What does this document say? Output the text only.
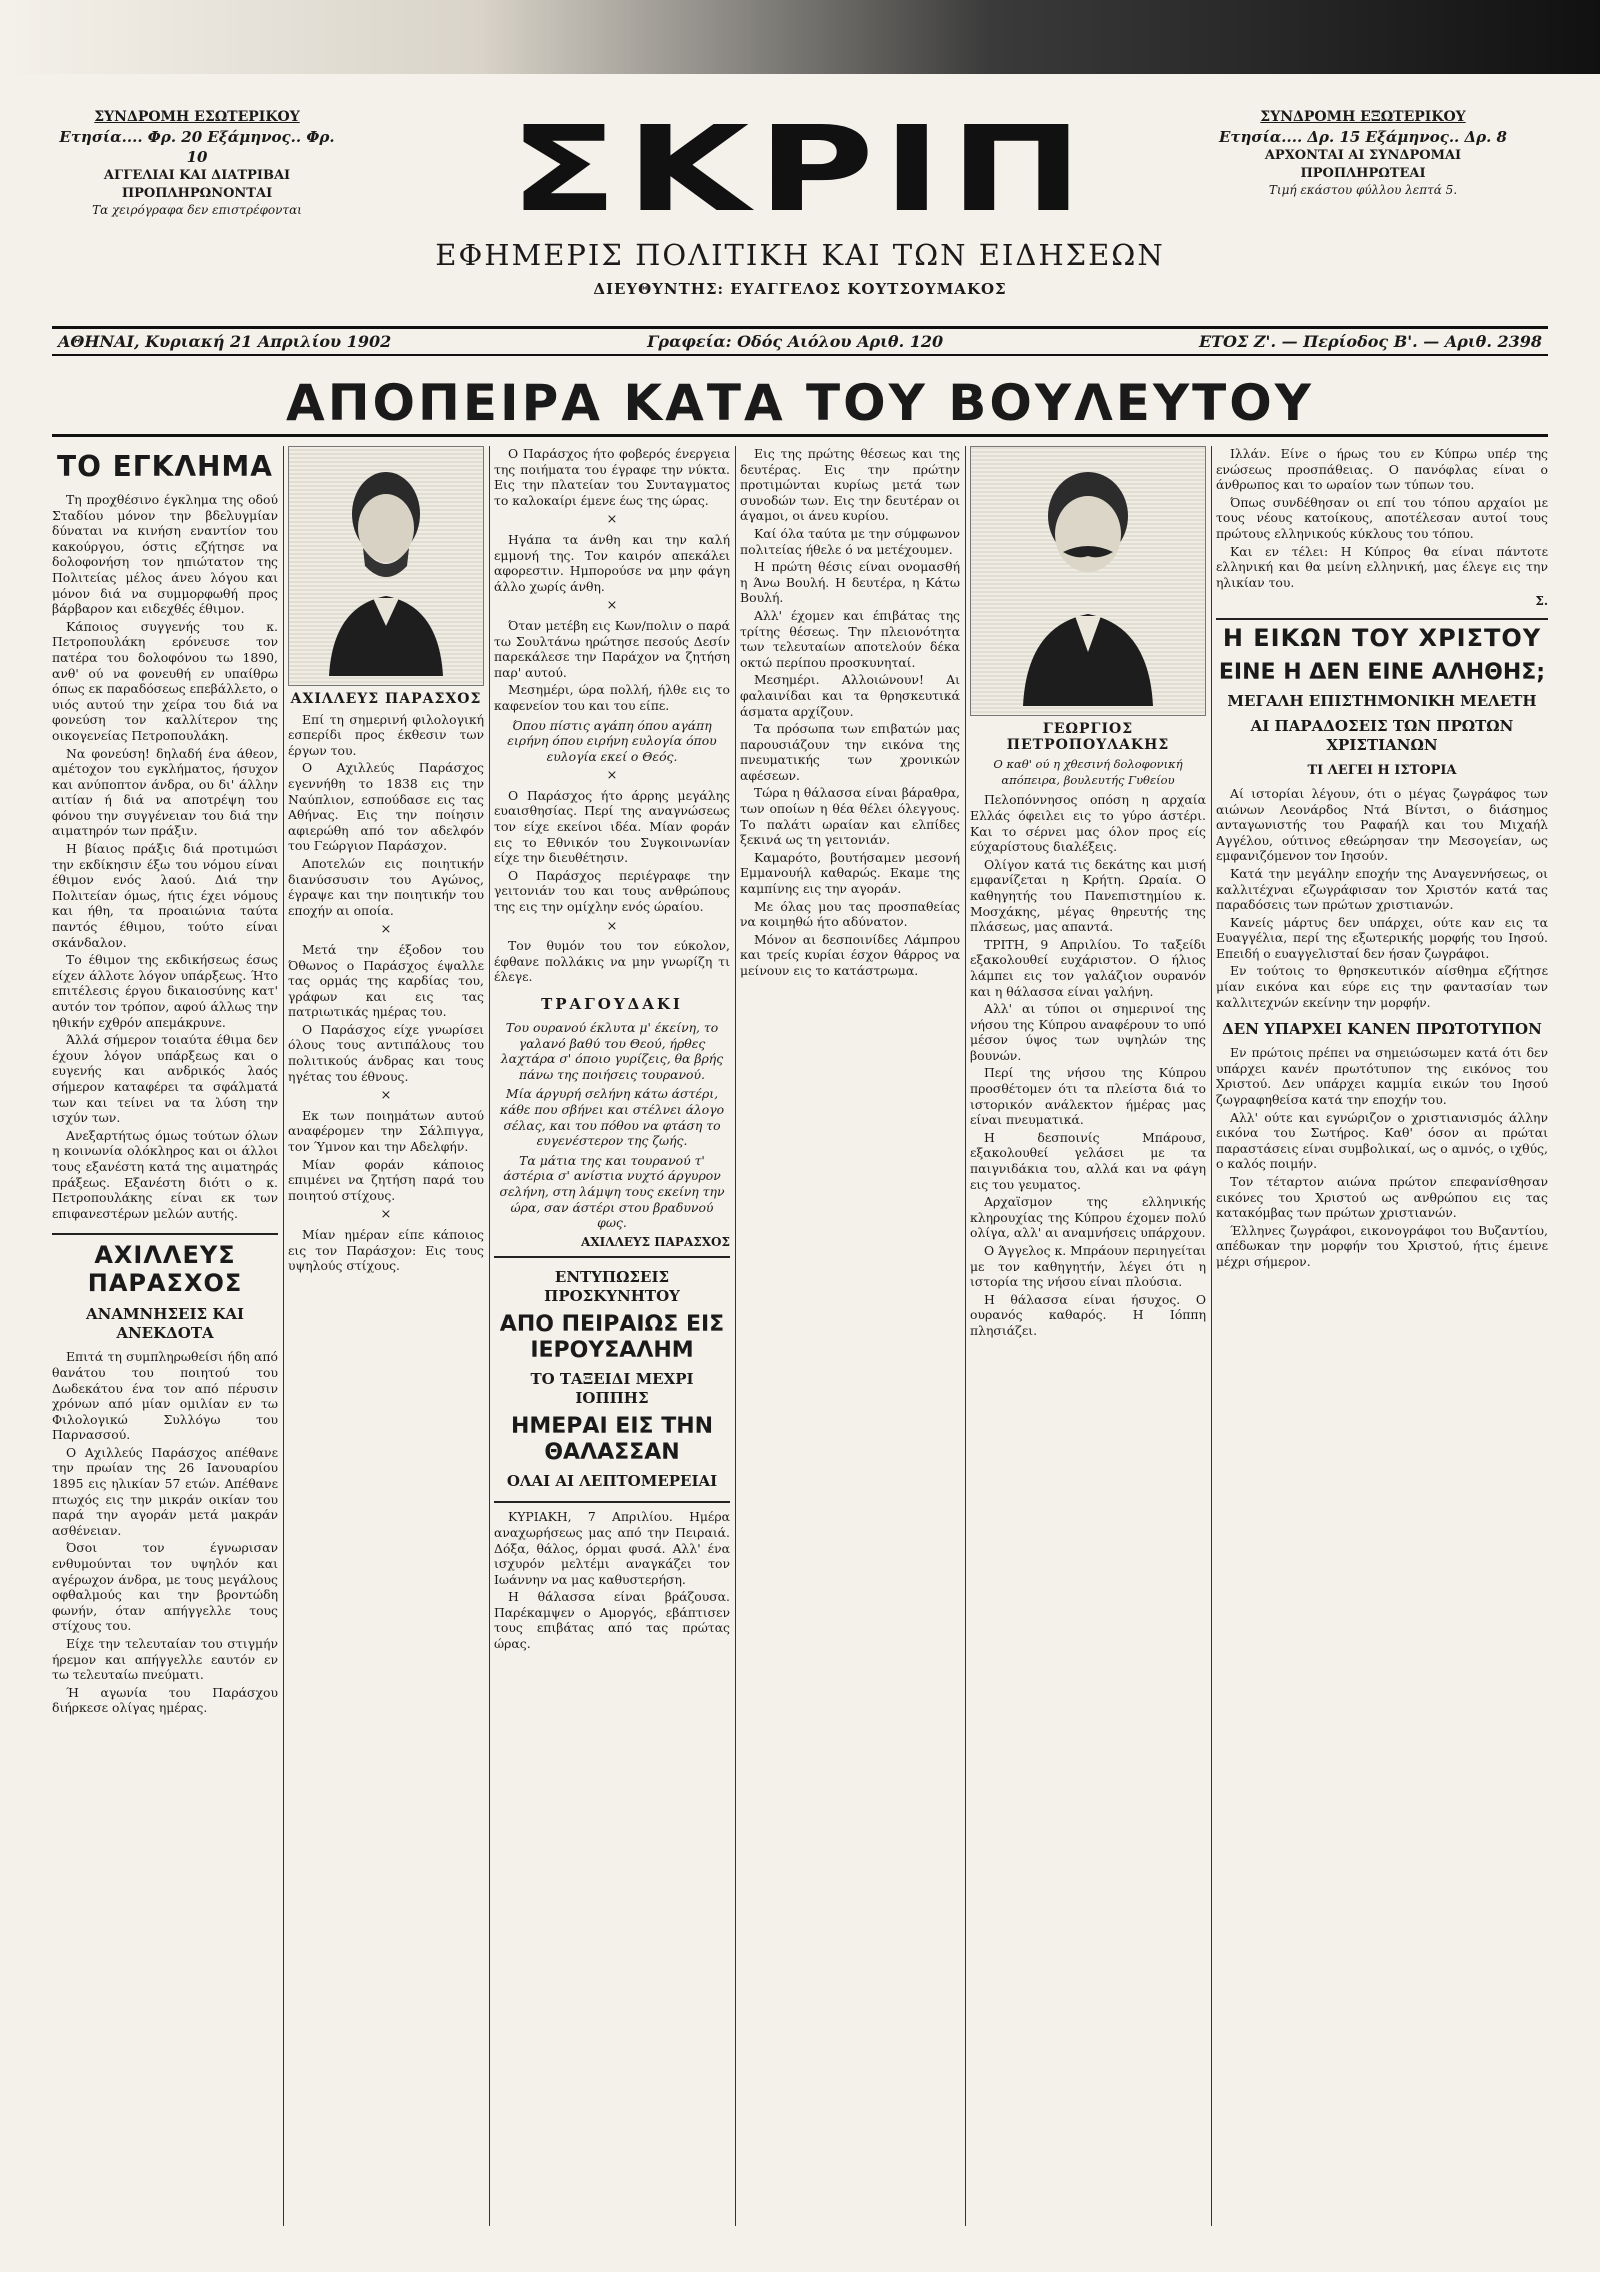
ΣΥΝΔΡΟΜΗ ΕΣΩΤΕΡΙΚΟΥ
Ετησία.... Φρ. 20 Εξάμηνος.. Φρ. 10
ΑΓΓΕΛΙΑΙ ΚΑΙ ΔΙΑΤΡΙΒΑΙ
ΠΡΟΠΛΗΡΩΝΟΝΤΑΙ
Τα χειρόγραφα δεν επιστρέφονται	ΣΚΡΙΠ
ΕΦΗΜΕΡΙΣ ΠΟΛΙΤΙΚΗ ΚΑΙ ΤΩΝ ΕΙΔΗΣΕΩΝ
ΔΙΕΥΘΥΝΤΗΣ: ΕΥΑΓΓΕΛΟΣ ΚΟΥΤΣΟΥΜΑΚΟΣ
ΣΥΝΔΡΟΜΗ ΕΞΩΤΕΡΙΚΟΥ
Ετησία.... Δρ. 15 Εξάμηνος.. Δρ. 8
ΑΡΧΟΝΤΑΙ ΑΙ ΣΥΝΔΡΟΜΑΙ
ΠΡΟΠΛΗΡΩΤΕΑΙ
Τιμή εκάστου φύλλου λεπτά 5.
ΑΘΗΝΑΙ, Κυριακή 21 Απριλίου 1902	Γραφεία: Οδός Αιόλου Αριθ. 120	ΕΤΟΣ Ζ'. — Περίοδος Β'. — Αριθ. 2398
ΑΠΟΠΕΙΡΑ ΚΑΤΑ ΤΟΥ ΒΟΥΛΕΥΤΟΥ
ΤΟ ΕΓΚΛΗΜΑ

Τη προχθέσινο έγκλημα της οδού Σταδίου μόνον την βδελυγμίαν δύναται να κινήση εναντίον του κακούργου, όστις εζήτησε να δολοφονήση τον ηπιώτατον της Πολιτείας μέλος άνευ λόγου και μόνον διά να συμμορφωθή προς βάρβαρον και ειδεχθές έθιμον.

Κάποιος συγγενής του κ. Πετροπουλάκη ερόνευσε τον πατέρα του δολοφόνου τω 1890, ανθ' ού να φονευθή εν υπαίθρω όπως εκ παραδόσεως επεβάλλετο, ο υιός αυτού την χείρα του διά να φονεύση τον καλλίτερον της οικογενείας Πετροπουλάκη.

Να φονεύση! δηλαδή ένα άθεον, αμέτοχον του εγκλήματος, ήσυχον και ανύποπτον άνδρα, ου δι' άλλην αιτίαν ή διά να αποτρέψη του φόνου την συγγένειαν του διά την αιματηρόν των πράξιν.

Η βίαιος πράξις διά προτιμώσι την εκδίκησιν έξω του νόμου είναι έθιμον ενός λαού. Διά την Πολιτείαν όμως, ήτις έχει νόμους και ήθη, τα προαιώνια ταύτα παντός έθιμου, τούτο είναι σκάνδαλον.

Το έθιμον της εκδικήσεως έσως είχεν άλλοτε λόγον υπάρξεως. Ήτο επιτέλεσις έργου δικαιοσύνης κατ' αυτόν τον τρόπον, αφού άλλως την ηθικήν εχθρόν απεμάκρυνε.

Άλλά σήμερον τοιαύτα έθιμα δεν έχουν λόγον υπάρξεως και ο ευγενής και ανδρικός λαός σήμερον καταφέρει τα σφάλματά των και τείνει να τα λύση την ισχύν των.

Ανεξαρτήτως όμως τούτων όλων η κοινωνία ολόκληρος και οι άλλοι τους εξανέστη κατά της αιματηράς πράξεως. Εξανέστη διότι ο κ. Πετροπουλάκης είναι εκ των επιφανεστέρων μελών αυτής.

ΑΧΙΛΛΕΥΣ ΠΑΡΑΣΧΟΣ
ΑΝΑΜΝΗΣΕΙΣ ΚΑΙ ΑΝΕΚΔΟΤΑ

Επιτά τη συμπληρωθείσι ήδη από θανάτου του ποιητού του Δωδεκάτου ένα τον από πέρυσιν χρόνων από μίαν ομιλίαν εν τω Φιλολογικώ Συλλόγω του Παρνασσού.

Ο Αχιλλεύς Παράσχος απέθανε την πρωίαν της 26 Ιανουαρίου 1895 εις ηλικίαν 57 ετών. Απέθανε πτωχός εις την μικράν οικίαν του παρά την αγοράν μετά μακράν ασθένειαν.

Όσοι τον έγνωρισαν ενθυμούνται τον υψηλόν και αγέρωχον άνδρα, με τους μεγάλους οφθαλμούς και την βροντώδη φωνήν, όταν απήγγελλε τους στίχους του.

Είχε την τελευταίαν του στιγμήν ήρεμον και απήγγελλε εαυτόν εν τω τελευταίω πνεύματι.

Ή αγωνία του Παράσχου διήρκεσε ολίγας ημέρας.

ΑΧΙΛΛΕΥΣ ΠΑΡΑΣΧΟΣ

Επί τη σημερινή φιλολογική εσπερίδι προς έκθεσιν των έργων του.

Ο Αχιλλεύς Παράσχος εγεννήθη το 1838 εις την Ναύπλιον, εσπούδασε εις τας Αθήνας. Εις την ποίησιν αφιερώθη από τον αδελφόν του Γεώργιον Παράσχον.

Αποτελών εις ποιητικήν διανύσσυσιν του Αγώνος, έγραψε και την ποιητικήν του εποχήν αι οποία.

×

Μετά την έξοδον του Όθωνος ο Παράσχος έψαλλε τας ορμάς της καρδίας του, γράφων και εις τας πατριωτικάς ημέρας του.

Ο Παράσχος είχε γνωρίσει όλους τους αντιπάλους του πολιτικούς άνδρας και τους ηγέτας του έθνους.

×

Εκ των ποιημάτων αυτού αναφέρομεν την Σάλπιγγα, τον Ύμνον και την Αδελφήν.

Μίαν φοράν κάποιος επιμένει να ζητήση παρά του ποιητού στίχους.

×

Μίαν ημέραν είπε κάποιος εις τον Παράσχον: Εις τους υψηλούς στίχους.

Ο Παράσχος ήτο φοβερός ένεργεια της ποιήματα του έγραφε την νύκτα. Εις την πλατείαν του Συνταγματος το καλοκαίρι έμενε έως της ώρας.

×

Ηγάπα τα άνθη και την καλή εμμονή της. Τον καιρόν απεκάλει αφορεστιν. Ημπορούσε να μην φάγη άλλο χωρίς άνθη.

×

Όταν μετέβη εις Κων/πολιν ο παρά τω Σουλτάνω ηρώτησε πεσούς Δεσίν παρεκάλεσε την Παράχον να ζητήση παρ' αυτού.

Μεσημέρι, ώρα πολλή, ήλθε εις το καφενείον του και του είπε.

Όπου πίστις αγάπη όπου αγάπη ειρήνη όπου ειρήνη ευλογία όπου ευλογία εκεί ο Θεός.
×

Ο Παράσχος ήτο άρρης μεγάλης ευαισθησίας. Περί της αναγνώσεως τον είχε εκείνοι ιδέα. Μίαν φοράν εις το Εθνικόν του Συγκοινωνίαν είχε την διευθέτησιν.

Ο Παράσχος περιέγραφε την γειτονιάν του και τους ανθρώπους της εις την ομίχλην ενός ώραίου.

×

Τον θυμόν του τον εύκολον, έφθανε πολλάκις να μην γνωρίζη τι έλεγε.

ΤΡΑΓΟΥΔΑΚΙ
Του ουρανού έκλυτα μ' έκείνη, το γαλανό βαθύ του Θεού, ήρθες λαχτάρα σ' όποιο γυρίζεις, θα βρής πάνω της ποιήσεις τουρανού.
Μία άργυρή σελήνη κάτω άστέρι, κάθε που σβήνει και στέλνει άλογο σέλας, και του πόθου να φτάση το ευγενέστερον της ζωής.
Τα μάτια της και τουρανού τ' άστέρια σ' ανίστια νυχτό άργυρον σελήνη, στη λάμψη τους εκείνη την ώρα, σαν άστέρι στου βραδυνού φως.
ΑΧΙΛΛΕΥΣ ΠΑΡΑΣΧΟΣ
ΕΝΤΥΠΩΣΕΙΣ ΠΡΟΣΚΥΝΗΤΟΥ
ΑΠΟ ΠΕΙΡΑΙΩΣ ΕΙΣ ΙΕΡΟΥΣΑΛΗΜ
ΤΟ ΤΑΞΕΙΔΙ ΜΕΧΡΙ ΙΟΠΠΗΣ
ΗΜΕΡΑΙ ΕΙΣ ΤΗΝ ΘΑΛΑΣΣΑΝ
ΟΛΑΙ ΑΙ ΛΕΠΤΟΜΕΡΕΙΑΙ

ΚΥΡΙΑΚΗ, 7 Απριλίου. Ημέρα αναχωρήσεως μας από την Πειραιά. Δόξα, θάλος, όρμαι φυσά. Αλλ' ένα ισχυρόν μελτέμι αναγκάζει τον Ιωάννην να μας καθυστερήση.

Η θάλασσα είναι βράζουσα. Παρέκαμψεν ο Αμοργός, εβάπτισεν τους επιβάτας από τας πρώτας ώρας.

Εις της πρώτης θέσεως και της δευτέρας. Εις την πρώτην προτιμώνται κυρίως μετά των συνοδών των. Εις την δευτέραν οι άγαμοι, οι άνευ κυρίου.

Καί όλα ταύτα με την σύμφωνον πολιτείας ήθελε ό να μετέχουμεν.

Η πρώτη θέσις είναι ονομασθή η Άνω Βουλή. Η δευτέρα, η Κάτω Βουλή.

Αλλ' έχομεν και έπιβάτας της τρίτης θέσεως. Την πλειονότητα των τελευταίων αποτελούν δέκα οκτώ περίπου προσκυνηταί.

Μεσημέρι. Αλλοιώνουν! Αι φαλαινίδαι και τα θρησκευτικά άσματα αρχίζουν.

Τα πρόσωπα των επιβατών μας παρουσιάζουν την εικόνα της πνευματικής των χρονικών αφέσεων.

Τώρα η θάλασσα είναι βάραθρα, των οποίων η θέα θέλει όλεγγους. Το παλάτι ωραίαν και ελπίδες ξεκινά ως τη γειτονιάν.

Καμαρότο, βουτήσαμεν μεσονή Εμμανουήλ καθαρώς. Εκαμε της καμπίνης εις την αγοράν.

Με όλας μου τας προσπαθείας να κοιμηθώ ήτο αδύνατον.

Μόνον αι δεσποινίδες Λάμπρου και τρείς κυρίαι έσχον θάρρος να μείνουν εις το κατάστρωμα.

ΓΕΩΡΓΙΟΣ ΠΕΤΡΟΠΟΥΛΑΚΗΣ
Ο καθ' ού η χθεσινή δολοφονική απόπειρα, βουλευτής Γυθείου

Πελοπόννησος οπόση η αρχαία Ελλάς όφειλει εις το γύρο άστέρι. Και το σέρνει μας όλον προς είς εύχαρίστους διαλέξεις.

Ολίγον κατά τις δεκάτης και μισή εμφανίζεται η Κρήτη. Ωραία. Ο καθηγητής του Πανεπιστημίου κ. Μοσχάκης, μέγας θηρευτής της πλάσεως, μας απαντά.

ΤΡΙΤΗ, 9 Απριλίου. Το ταξείδι εξακολουθεί ευχάριστον. Ο ήλιος λάμπει εις τον γαλάζιον ουρανόν και η θάλασσα είναι γαλήνη.

Αλλ' αι τύποι οι σημερινοί της νήσου της Κύπρου αναφέρουν το υπό μέσον ύψος των υψηλών της βουνών.

Περί της νήσου της Κύπρου προσθέτομεν ότι τα πλείστα διά το ιστορικόν ανάλεκτον ήμέρας μας είναι πνευματικά.

Η δεσποινίς Μπάρουσ, εξακολουθεί γελάσει με τα παιγνιδάκια του, αλλά και να φάγη εις του γευματος.

Αρχαϊσμον της ελληνικής κληρουχίας της Κύπρου έχομεν πολύ ολίγα, αλλ' αι αναμνήσεις υπάρχουν.

Ο Άγγελος κ. Μπράουν περιηγείται με τον καθηγητήν, λέγει ότι η ιστορία της νήσου είναι πλούσια.

Η θάλασσα είναι ήσυχος. Ο ουρανός καθαρός. Η Ιόππη πλησιάζει.

Ιλλάν. Είνε ο ήρως του εν Κύπρω υπέρ της ενώσεως προσπάθειας. Ο πανόφλας είναι ο άνθρωπος και το ωραίον των τύπων του.

Όπως συνδέθησαν οι επί του τόπου αρχαίοι με τους νέους κατοίκους, αποτέλεσαν αυτοί τους πρώτους ελληνικούς κύκλους του τόπου.

Και εν τέλει: Η Κύπρος θα είναι πάντοτε ελληνική και θα μείνη ελληνική, μας έλεγε εις την ηλικίαν του.

Σ.
Η ΕΙΚΩΝ ΤΟΥ ΧΡΙΣΤΟΥ
ΕΙΝΕ Η ΔΕΝ ΕΙΝΕ ΑΛΗΘΗΣ;
ΜΕΓΑΛΗ ΕΠΙΣΤΗΜΟΝΙΚΗ ΜΕΛΕΤΗ
ΑΙ ΠΑΡΑΔΟΣΕΙΣ ΤΩΝ ΠΡΩΤΩΝ ΧΡΙΣΤΙΑΝΩΝ
ΤΙ ΛΕΓΕΙ Η ΙΣΤΟΡΙΑ

Αί ιστορίαι λέγουν, ότι ο μέγας ζωγράφος των αιώνων Λεονάρδος Ντά Βίντσι, ο διάσημος ανταγωνιστής του Ραφαήλ και του Μιχαήλ Αγγέλου, ούτινος εθεώρησαν την Μεσογείαν, ως εμφανιζόμενον τον Ιησούν.

Κατά την μεγάλην εποχήν της Αναγεννήσεως, οι καλλιτέχναι εζωγράφισαν τον Χριστόν κατά τας παραδόσεις των πρώτων χριστιανών.

Κανείς μάρτυς δεν υπάρχει, ούτε καν εις τα Ευαγγέλια, περί της εξωτερικής μορφής του Ιησού. Επειδή ο ευαγγελισταί δεν ήσαν ζωγράφοι.

Εν τούτοις το θρησκευτικόν αίσθημα εζήτησε μίαν εικόνα και εύρε εις την φαντασίαν των καλλιτεχνών εκείνην την μορφήν.

ΔΕΝ ΥΠΑΡΧΕΙ ΚΑΝΕΝ ΠΡΩΤΟΤΥΠΟΝ

Εν πρώτοις πρέπει να σημειώσωμεν κατά ότι δεν υπάρχει κανέν πρωτότυπον της εικόνος του Χριστού. Δεν υπάρχει καμμία εικών του Ιησού ζωγραφηθείσα κατά την εποχήν του.

Αλλ' ούτε και εγνώριζον ο χριστιανισμός άλλην εικόνα του Σωτήρος. Καθ' όσον αι πρώται παραστάσεις είναι συμβολικαί, ως ο αμνός, ο ιχθύς, ο καλός ποιμήν.

Τον τέταρτον αιώνα πρώτον επεφανίσθησαν εικόνες του Χριστού ως ανθρώπου εις τας κατακόμβας των πρώτων χριστιανών.

Έλληνες ζωγράφοι, εικονογράφοι του Βυζαντίου, απέδωκαν την μορφήν του Χριστού, ήτις έμεινε μέχρι σήμερον.
